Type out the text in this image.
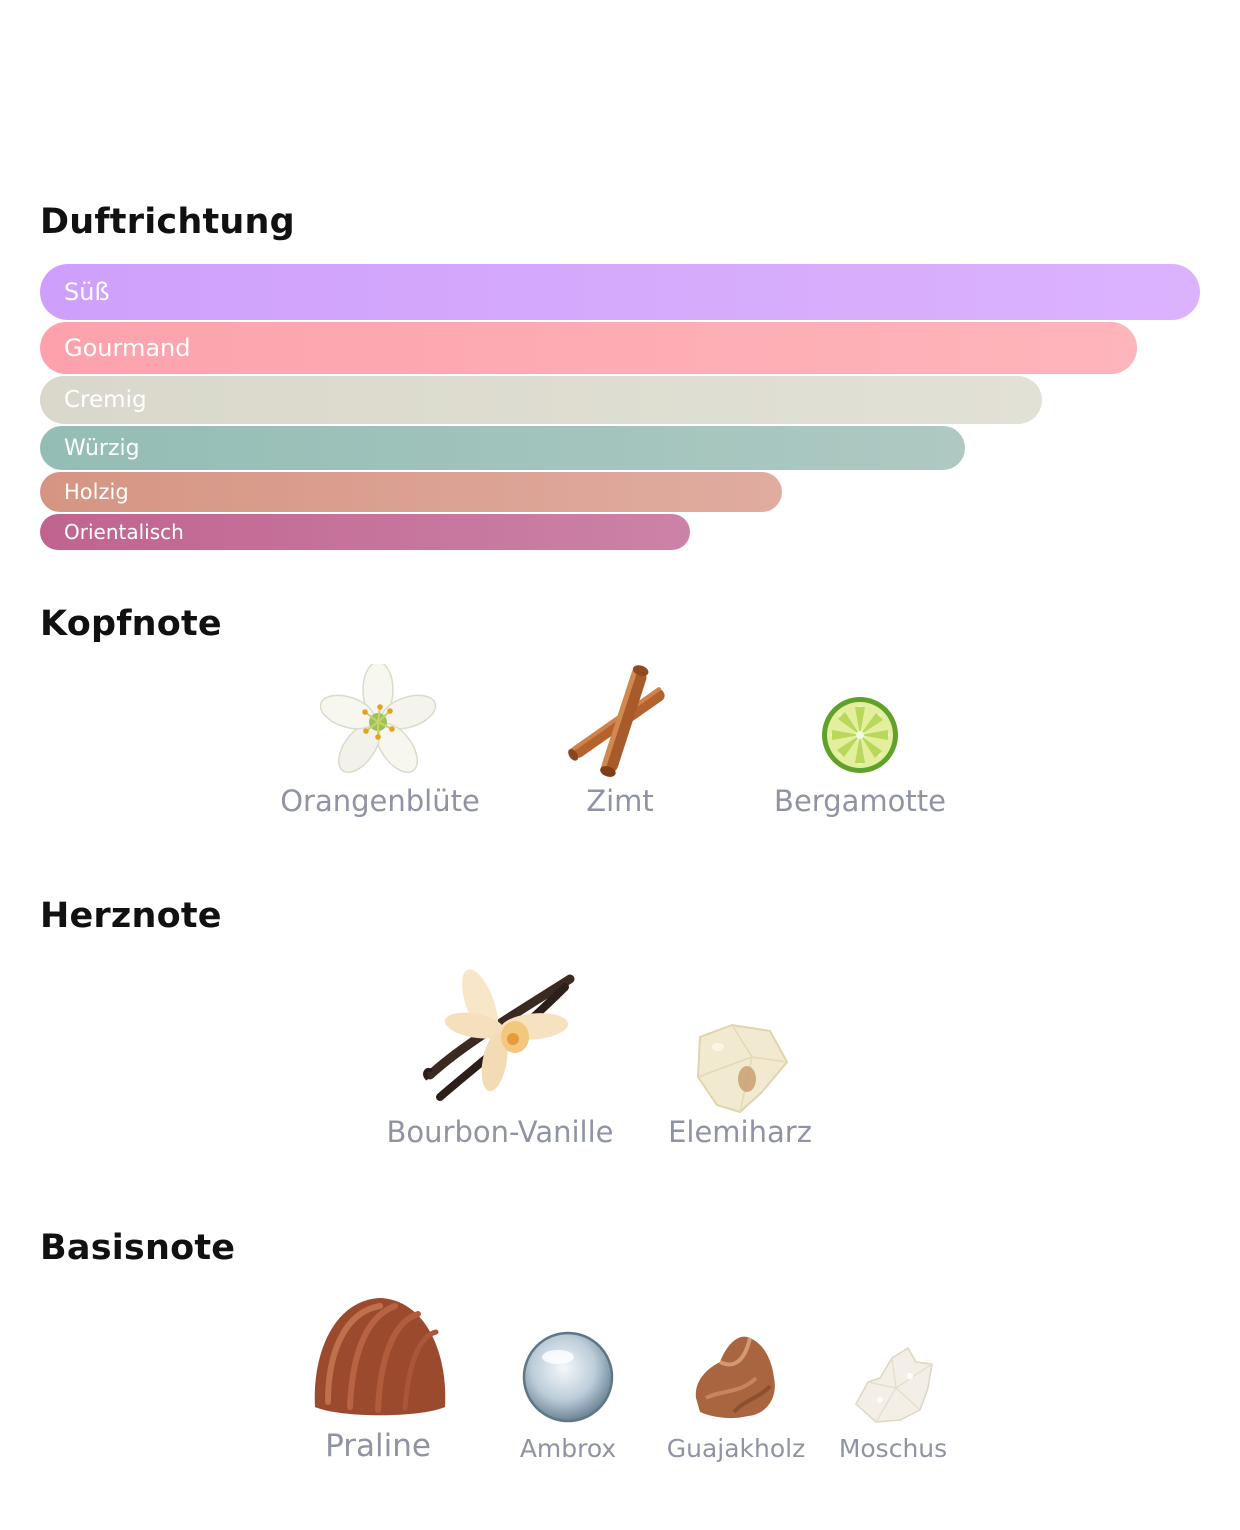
Duftrichtung
Süß
Gourmand
Cremig
Würzig
Holzig
Orientalisch
Kopfnote
Orangenblüte	Zimt	Bergamotte
Herznote
Bourbon-Vanille Elemiharz
Basisnote
Praline	Ambrox Guajakholz Moschus
